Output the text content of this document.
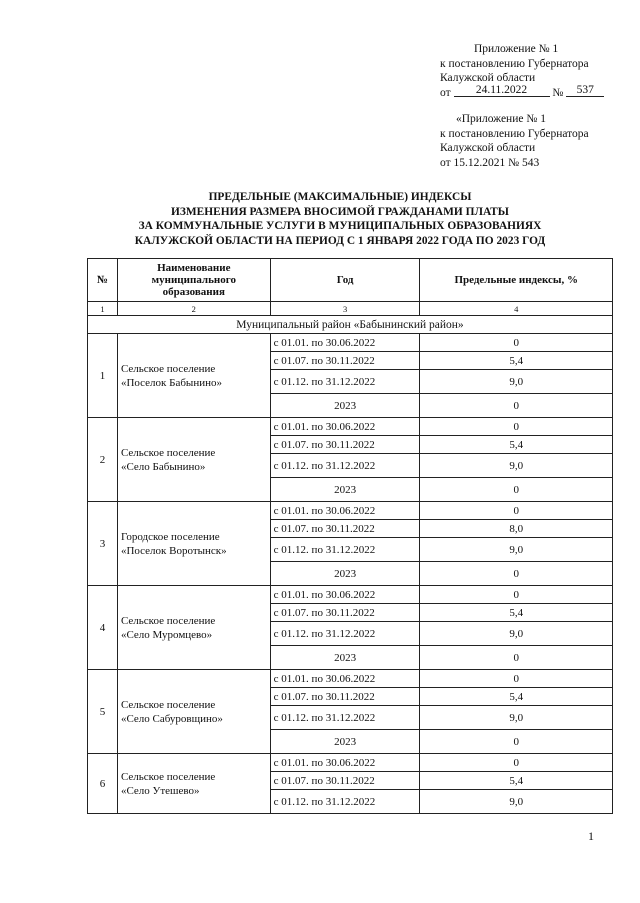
Приложение № 1
к постановлению Губернатора
Калужской области
от 24.11.2022 № 537
«Приложение № 1
к постановлению Губернатора
Калужской области
от 15.12.2021 № 543
ПРЕДЕЛЬНЫЕ (МАКСИМАЛЬНЫЕ) ИНДЕКСЫ
ИЗМЕНЕНИЯ РАЗМЕРА ВНОСИМОЙ ГРАЖДАНАМИ ПЛАТЫ
ЗА КОММУНАЛЬНЫЕ УСЛУГИ В МУНИЦИПАЛЬНЫХ ОБРАЗОВАНИЯХ
КАЛУЖСКОЙ ОБЛАСТИ НА ПЕРИОД С 1 ЯНВАРЯ 2022 ГОДА ПО 2023 ГОД
№	Наименование муниципального образования	Год	Предельные индексы, %
1	2	3	4
Муниципальный район «Бабынинский район»			
1	Сельское поселение
«Поселок Бабынино»	с 01.01. по 30.06.2022	0
		с 01.07. по 30.11.2022	5,4
		с 01.12. по 31.12.2022	9,0
		2023	0
2	Сельское поселение
«Село Бабынино»	с 01.01. по 30.06.2022	0
		с 01.07. по 30.11.2022	5,4
		с 01.12. по 31.12.2022	9,0
		2023	0
3	Городское поселение
«Поселок Воротынск»	с 01.01. по 30.06.2022	0
		с 01.07. по 30.11.2022	8,0
		с 01.12. по 31.12.2022	9,0
		2023	0
4	Сельское поселение
«Село Муромцево»	с 01.01. по 30.06.2022	0
		с 01.07. по 30.11.2022	5,4
		с 01.12. по 31.12.2022	9,0
		2023	0
5	Сельское поселение
«Село Сабуровщино»	с 01.01. по 30.06.2022	0
		с 01.07. по 30.11.2022	5,4
		с 01.12. по 31.12.2022	9,0
		2023	0
6	Сельское поселение
«Село Утешево»	с 01.01. по 30.06.2022	0
		с 01.07. по 30.11.2022	5,4
		с 01.12. по 31.12.2022	9,0
1
